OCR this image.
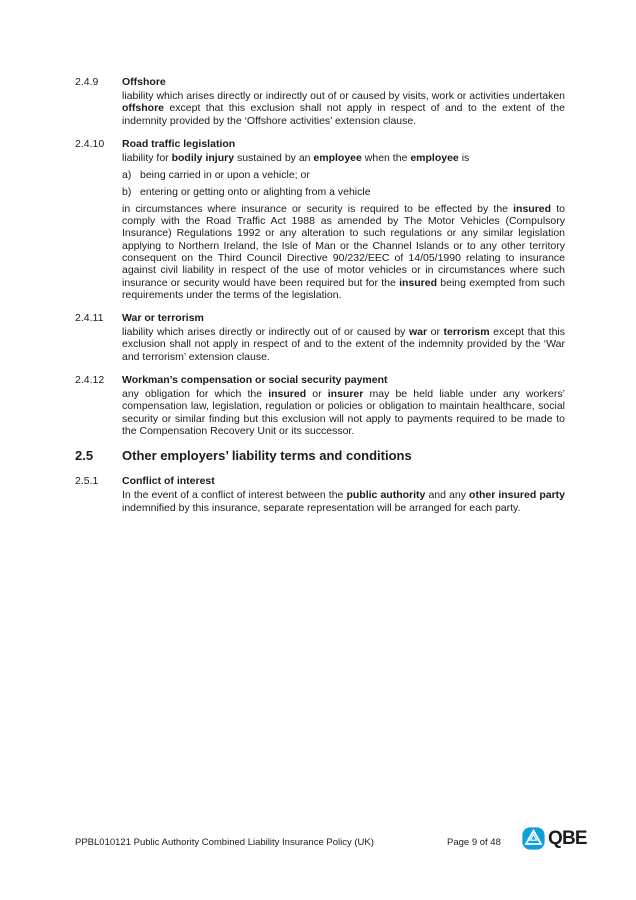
2.4.9	Offshore

liability which arises directly or indirectly out of or caused by visits, work or activities undertaken offshore except that this exclusion shall not apply in respect of and to the extent of the indemnity provided by the ‘Offshore activities’ extension clause.

2.4.10	Road traffic legislation

liability for bodily injury sustained by an employee when the employee is

a) being carried in or upon a vehicle; or
b) entering or getting onto or alighting from a vehicle

in circumstances where insurance or security is required to be effected by the insured to comply with the Road Traffic Act 1988 as amended by The Motor Vehicles (Compulsory Insurance) Regulations 1992 or any alteration to such regulations or any similar legislation applying to Northern Ireland, the Isle of Man or the Channel Islands or to any other territory consequent on the Third Council Directive 90/232/EEC of 14/05/1990 relating to insurance against civil liability in respect of the use of motor vehicles or in circumstances where such insurance or security would have been required but for the insured being exempted from such requirements under the terms of the legislation.

2.4.11	War or terrorism

liability which arises directly or indirectly out of or caused by war or terrorism except that this exclusion shall not apply in respect of and to the extent of the indemnity provided by the ‘War and terrorism’ extension clause.

2.4.12	Workman’s compensation or social security payment

any obligation for which the insured or insurer may be held liable under any workers’ compensation law, legislation, regulation or policies or obligation to maintain healthcare, social security or similar finding but this exclusion will not apply to payments required to be made to the Compensation Recovery Unit or its successor.

2.5	Other employers’ liability terms and conditions
2.5.1	Conflict of interest

In the event of a conflict of interest between the public authority and any other insured party indemnified by this insurance, separate representation will be arranged for each party.

PPBL010121 Public Authority Combined Liability Insurance Policy (UK)	Page 9 of 48 QBE
